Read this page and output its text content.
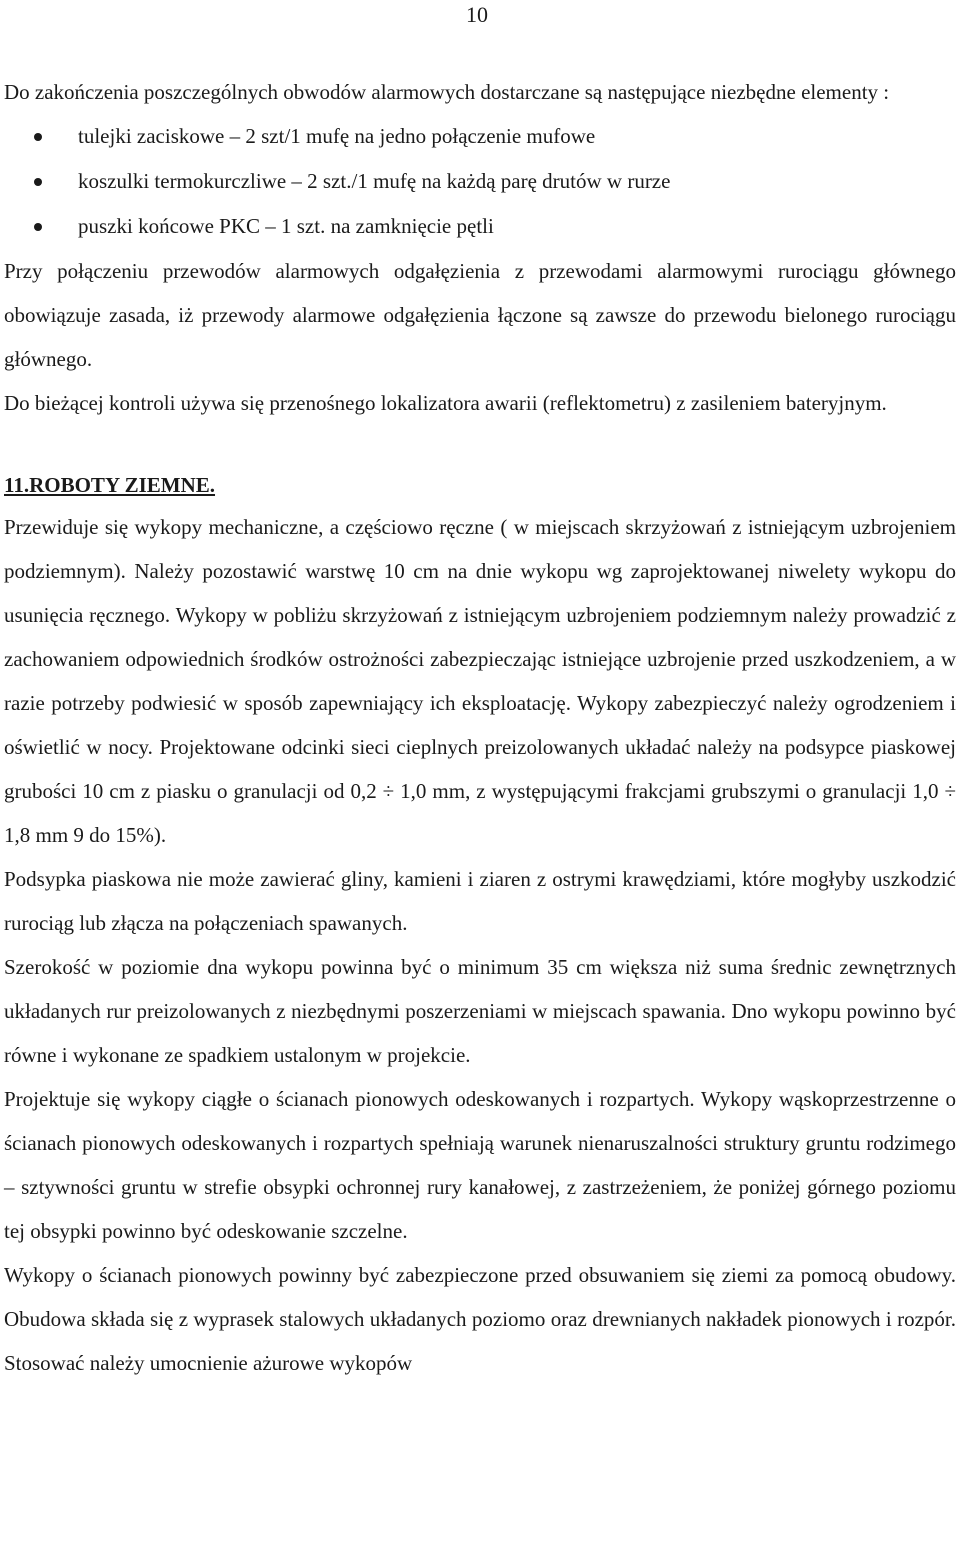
10

Do zakończenia poszczególnych obwodów alarmowych dostarczane są następujące niezbędne elementy :

tulejki zaciskowe – 2 szt/1 mufę na jedno połączenie mufowe
koszulki termokurczliwe – 2 szt./1 mufę na każdą parę drutów w rurze
puszki końcowe PKC – 1 szt. na zamknięcie pętli

Przy połączeniu przewodów alarmowych odgałęzienia z przewodami alarmowymi rurociągu głównego obowiązuje zasada, iż przewody alarmowe odgałęzienia łączone są zawsze do przewodu bielonego rurociągu głównego.

Do bieżącej kontroli używa się przenośnego lokalizatora awarii (reflektometru) z zasileniem bateryjnym.

11.ROBOTY ZIEMNE.

Przewiduje się wykopy mechaniczne, a częściowo ręczne ( w miejscach skrzyżowań z istniejącym uzbrojeniem podziemnym). Należy pozostawić warstwę 10 cm na dnie wykopu wg zaprojektowanej niwelety wykopu do usunięcia ręcznego. Wykopy w pobliżu skrzyżowań z istniejącym uzbrojeniem podziemnym należy prowadzić z zachowaniem odpowiednich środków ostrożności zabezpieczając istniejące uzbrojenie przed uszkodzeniem, a w razie potrzeby podwiesić w sposób zapewniający ich eksploatację. Wykopy zabezpieczyć należy ogrodzeniem i oświetlić w nocy. Projektowane odcinki sieci cieplnych preizolowanych układać należy na podsypce piaskowej grubości 10 cm z piasku o granulacji od 0,2 ÷ 1,0 mm, z występującymi frakcjami grubszymi o granulacji 1,0 ÷ 1,8 mm 9 do 15%).

Podsypka piaskowa nie może zawierać gliny, kamieni i ziaren z ostrymi krawędziami, które mogłyby uszkodzić rurociąg lub złącza na połączeniach spawanych.

Szerokość w poziomie dna wykopu powinna być o minimum 35 cm większa niż suma średnic zewnętrznych układanych rur preizolowanych z niezbędnymi poszerzeniami w miejscach spawania. Dno wykopu powinno być równe i wykonane ze spadkiem ustalonym w projekcie.

Projektuje się wykopy ciągłe o ścianach pionowych odeskowanych i rozpartych. Wykopy wąskoprzestrzenne o ścianach pionowych odeskowanych i rozpartych spełniają warunek nienaruszalności struktury gruntu rodzimego – sztywności gruntu w strefie obsypki ochronnej rury kanałowej, z zastrzeżeniem, że poniżej górnego poziomu tej obsypki powinno być odeskowanie szczelne.

Wykopy o ścianach pionowych powinny być zabezpieczone przed obsuwaniem się ziemi za pomocą obudowy. Obudowa składa się z wyprasek stalowych układanych poziomo oraz drewnianych nakładek pionowych i rozpór. Stosować należy umocnienie ażurowe wykopów
